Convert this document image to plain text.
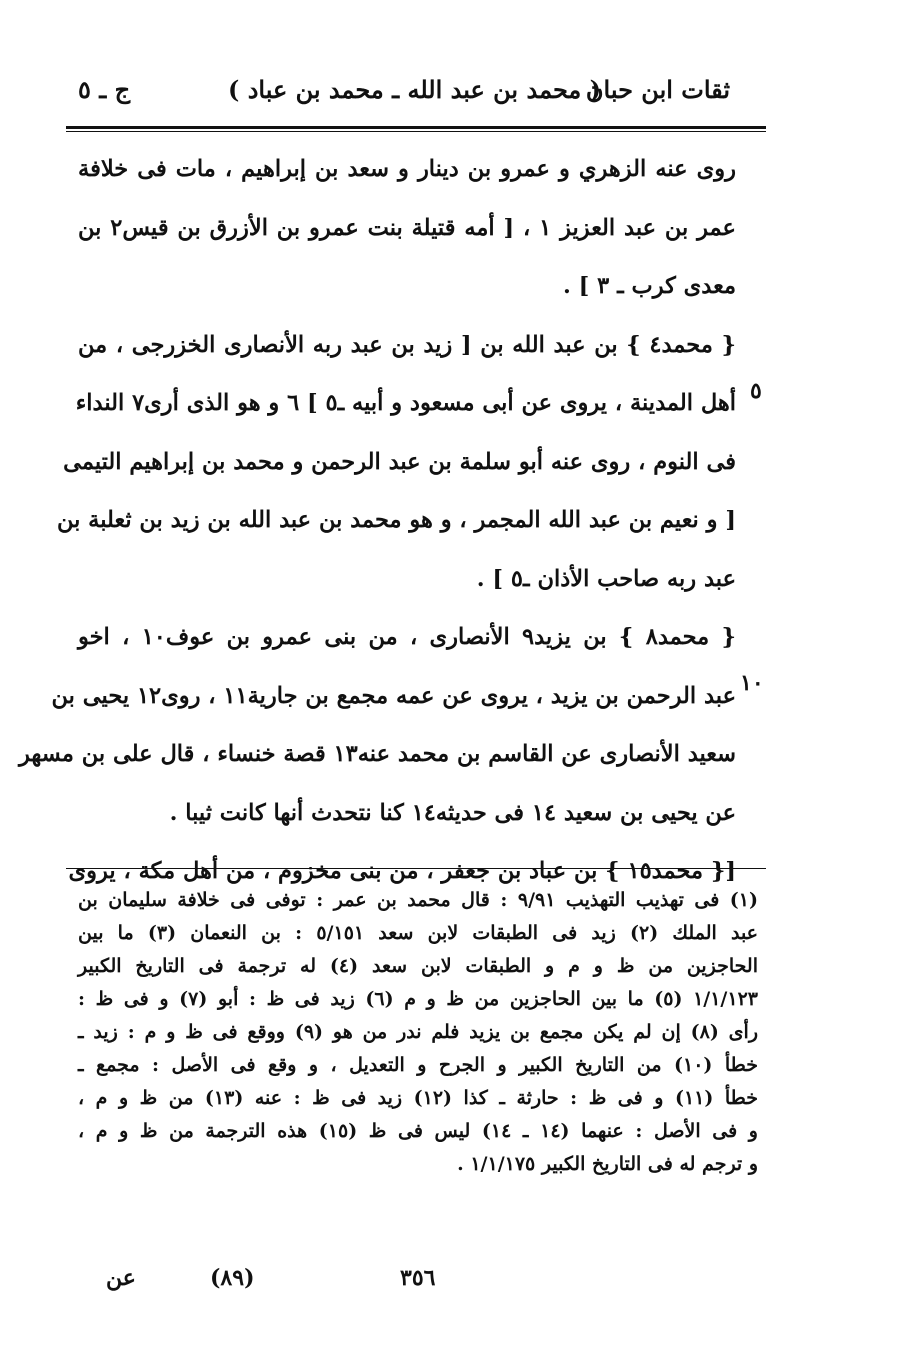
ثقات ابن حبان
( محمد بن عبد الله ـ محمد بن عباد )
ج ـ ٥
٥
١٠
روى عنه الزهري و عمرو بن دينار و سعد بن إبراهيم ، مات فى خلافة
عمر بن عبد العزيز ١ ، [ أمه قتيلة بنت عمرو بن الأزرق بن قيس٢ بن
معدى كرب ـ ٣ ] .
{ محمد٤ } بن عبد الله بن [ زيد بن عبد ربه الأنصارى الخزرجى ، من
أهل المدينة ، يروى عن أبى مسعود و أبيه ـ٥ ] ٦ و هو الذى أرى٧ النداء
فى النوم ، روى عنه أبو سلمة بن عبد الرحمن و محمد بن إبراهيم التيمى
[ و نعيم بن عبد الله المجمر ، و هو محمد بن عبد الله بن زيد بن ثعلبة بن
عبد ربه صاحب الأذان ـ٥ ] .
{ محمد٨ } بن يزيد٩ الأنصارى ، من بنى عمرو بن عوف١٠ ، اخو
عبد الرحمن بن يزيد ، يروى عن عمه مجمع بن جارية١١ ، روى١٢ يحيى بن
سعيد الأنصارى عن القاسم بن محمد عنه١٣ قصة خنساء ، قال على بن مسهر
عن يحيى بن سعيد ١٤ فى حديثه١٤ كنا نتحدث أنها كانت ثيبا .
[{ محمد١٥ } بن عباد بن جعفر ، من بنى مخزوم ، من أهل مكة ، يروى
(١) فى تهذيب التهذيب ٩/٩١ : قال محمد بن عمر : توفى فى خلافة سليمان بن
عبد الملك (٢) زيد فى الطبقات لابن سعد ٥/١٥١ : بن النعمان (٣) ما بين
الحاجزين من ظ و م و الطبقات لابن سعد (٤) له ترجمة فى التاريخ الكبير
١/١/١٢٣ (٥) ما بين الحاجزين من ظ و م (٦) زيد فى ظ : أبو (٧) و فى ظ :
رأى (٨) إن لم يكن مجمع بن يزيد فلم ندر من هو (٩) ووقع فى ظ و م : زيد ـ
خطأ (١٠) من التاريخ الكبير و الجرح و التعديل ، و وقع فى الأصل : مجمع ـ
خطأ (١١) و فى ظ : حارثة ـ كذا (١٢) زيد فى ظ : عنه (١٣) من ظ و م ،
و فى الأصل : عنهما (١٤ ـ ١٤) ليس فى ظ (١٥) هذه الترجمة من ظ و م ،
و ترجم له فى التاريخ الكبير ١/١/١٧٥ .
عن	(٨٩)	٣٥٦
